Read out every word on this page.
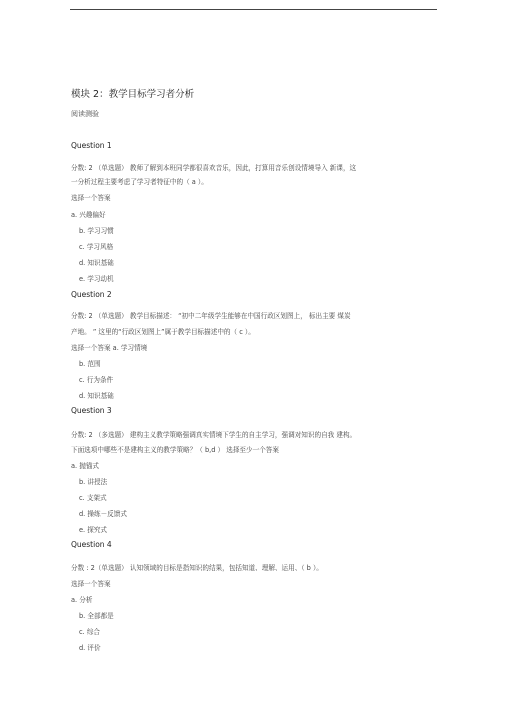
模块 2：教学目标学习者分析
阅读测验
Question 1
分数: 2 （单选题） 教师了解到本班同学都很喜欢音乐，因此，打算用音乐创设情境导入 新课，这
一分析过程主要考虑了学习者特征中的（ a ）。
选择一个答案
a. 兴趣偏好
b. 学习习惯
c. 学习风格
d. 知识基础
e. 学习动机
Question 2
分数: 2 （单选题） 教学目标描述： “初中二年级学生能够在中国行政区划图上， 标出主要 煤炭
产地。 ” 这里的“行政区划图上”属于教学目标描述中的（ c ）。
选择一个答案 a. 学习情境
b. 范围
c. 行为条件
d. 知识基础
Question 3
分数: 2 （多选题） 建构主义教学策略强调真实情境下学生的自主学习，强调对知识的自我 建构。
下面选项中哪些不是建构主义的教学策略？（ b,d ） 选择至少一个答案
a. 抛锚式
b. 讲授法
c. 支架式
d. 操练－反馈式
e. 探究式
Question 4
分数 : 2（单选题） 认知领域的目标是指知识的结果，包括知道、理解、运用、（ b ）。
选择一个答案
a. 分析
b. 全部都是
c. 综合
d. 评价
